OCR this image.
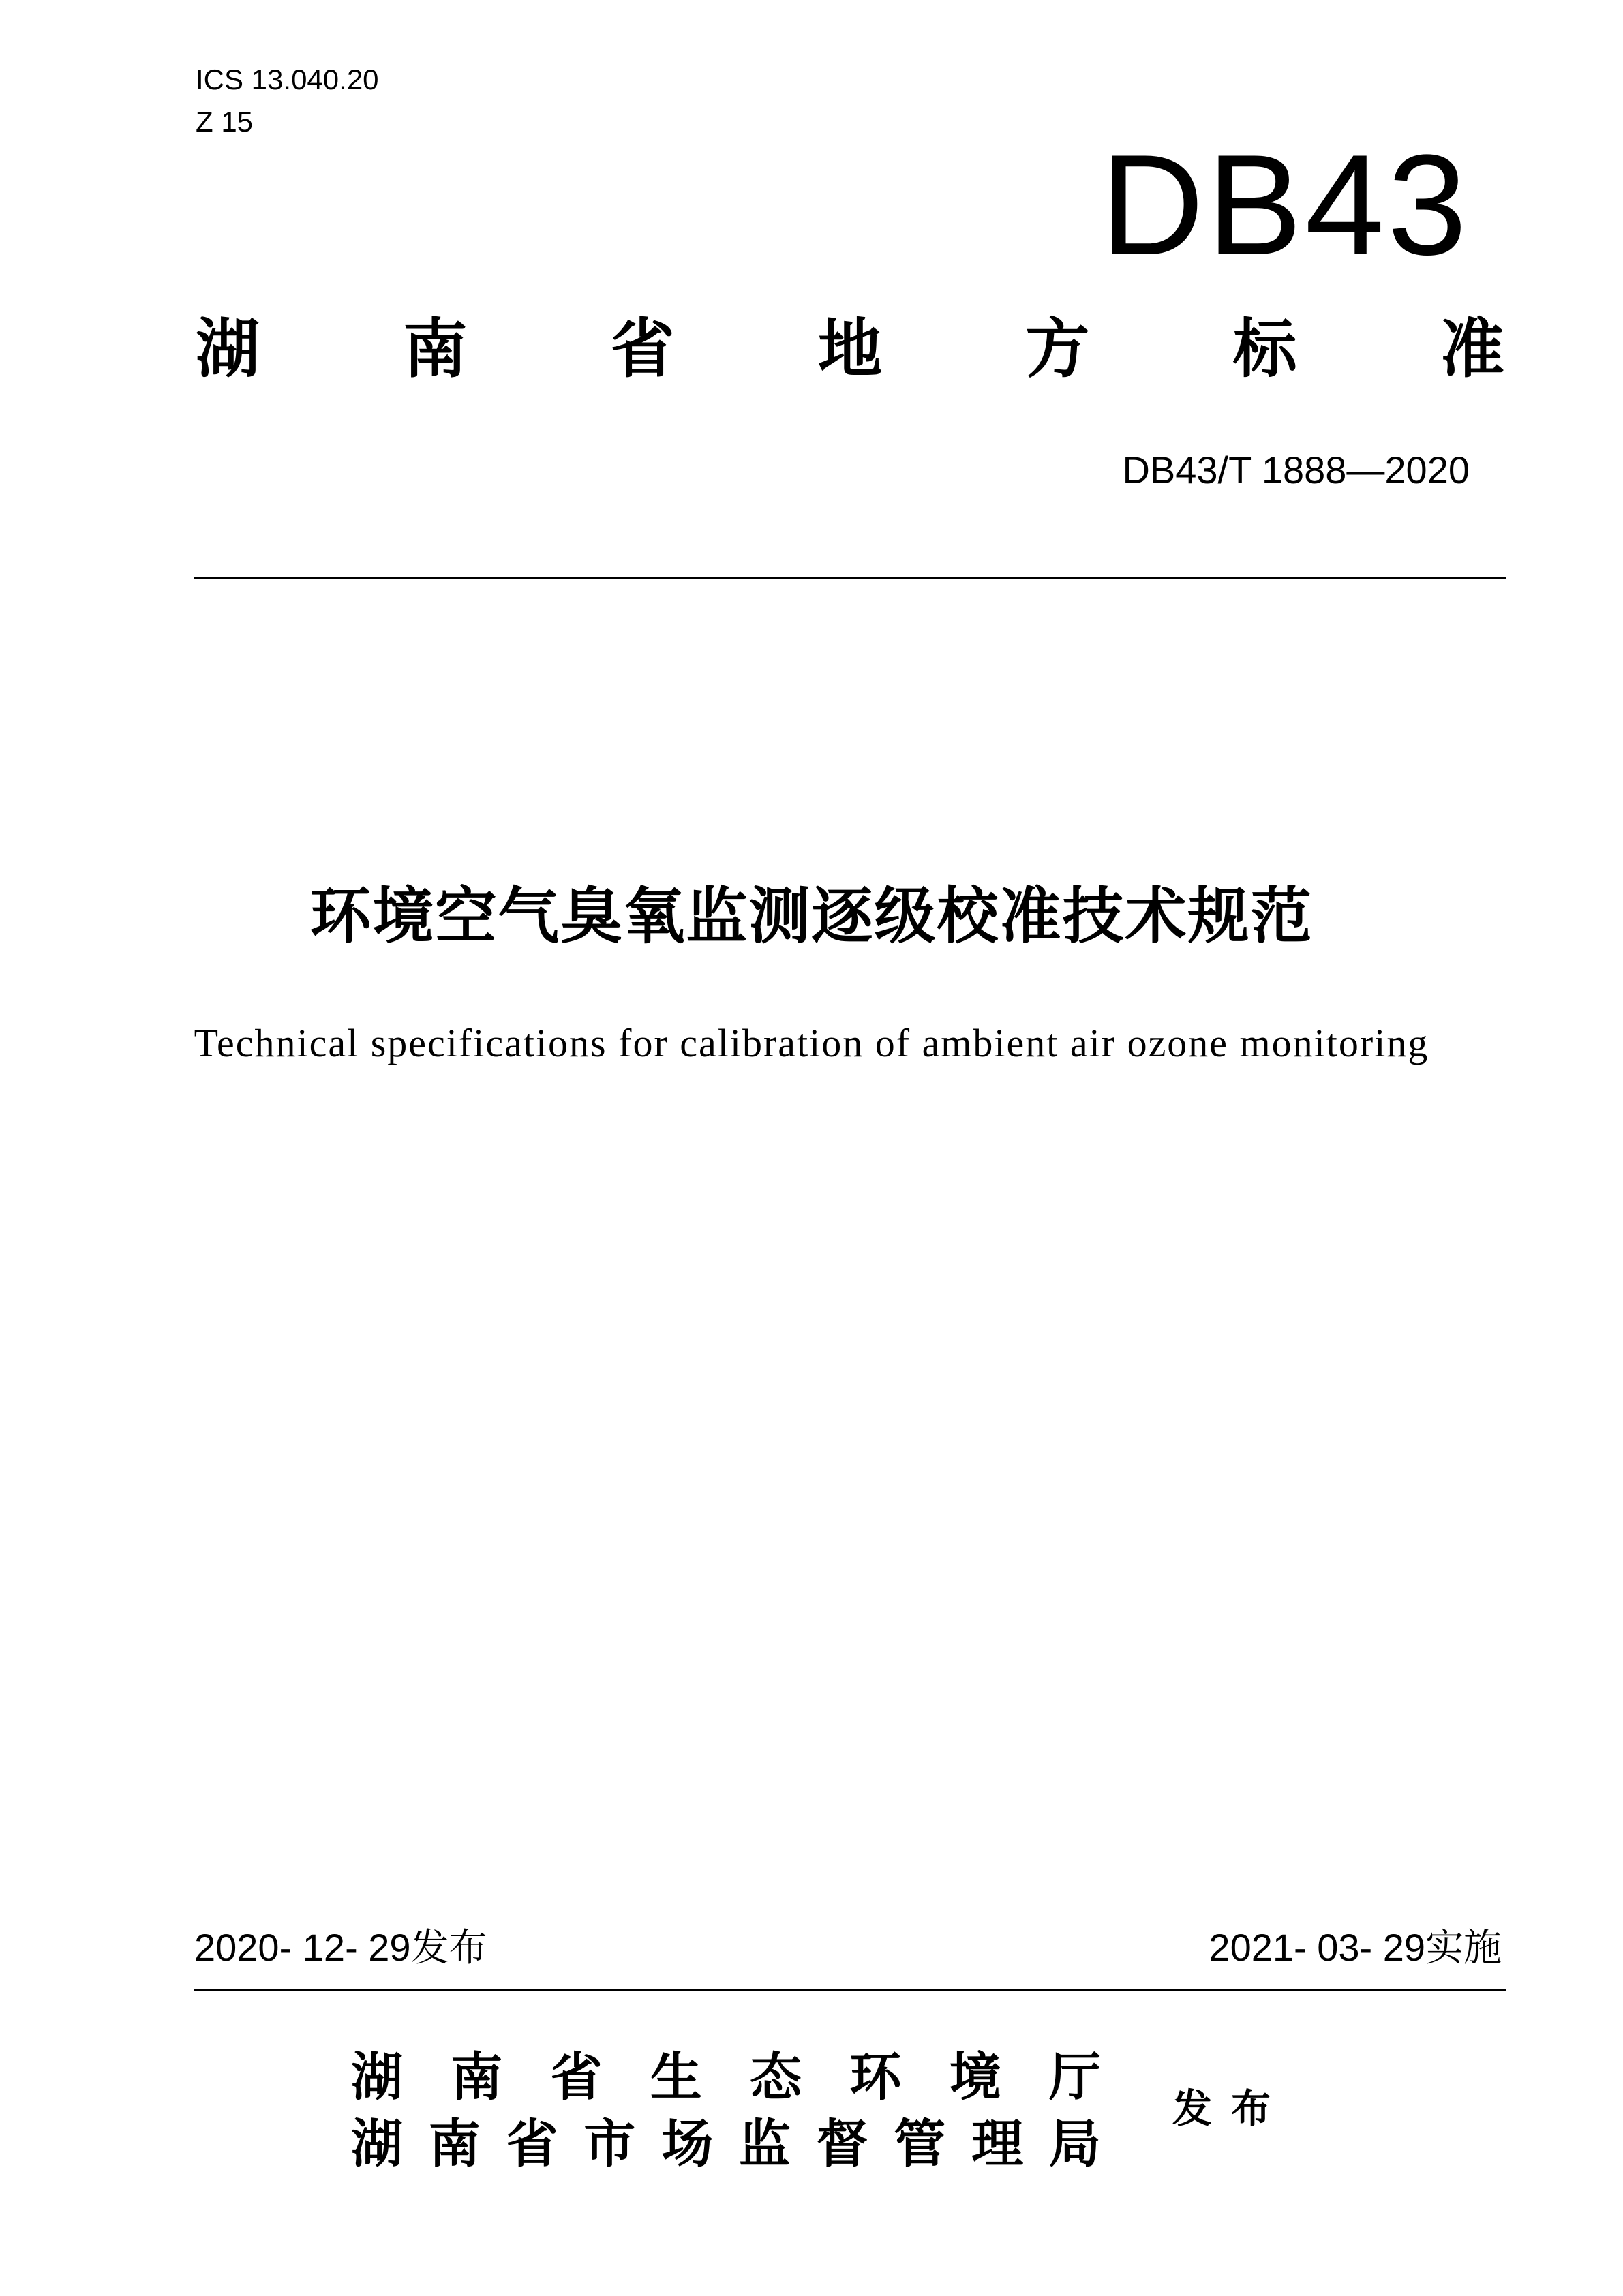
ICS 13.040.20
Z 15
DB43
湖 南 省 地 方 标 准
DB43/T 1888—2020
环境空气臭氧监测逐级校准技术规范
Technical specifications for calibration of ambient air ozone monitoring
2020- 12- 29发布	2021- 03- 29实施
湖 南 省 生 态 环 境 厅
湖 南 省 市 场 监 督 管 理 局
发布
